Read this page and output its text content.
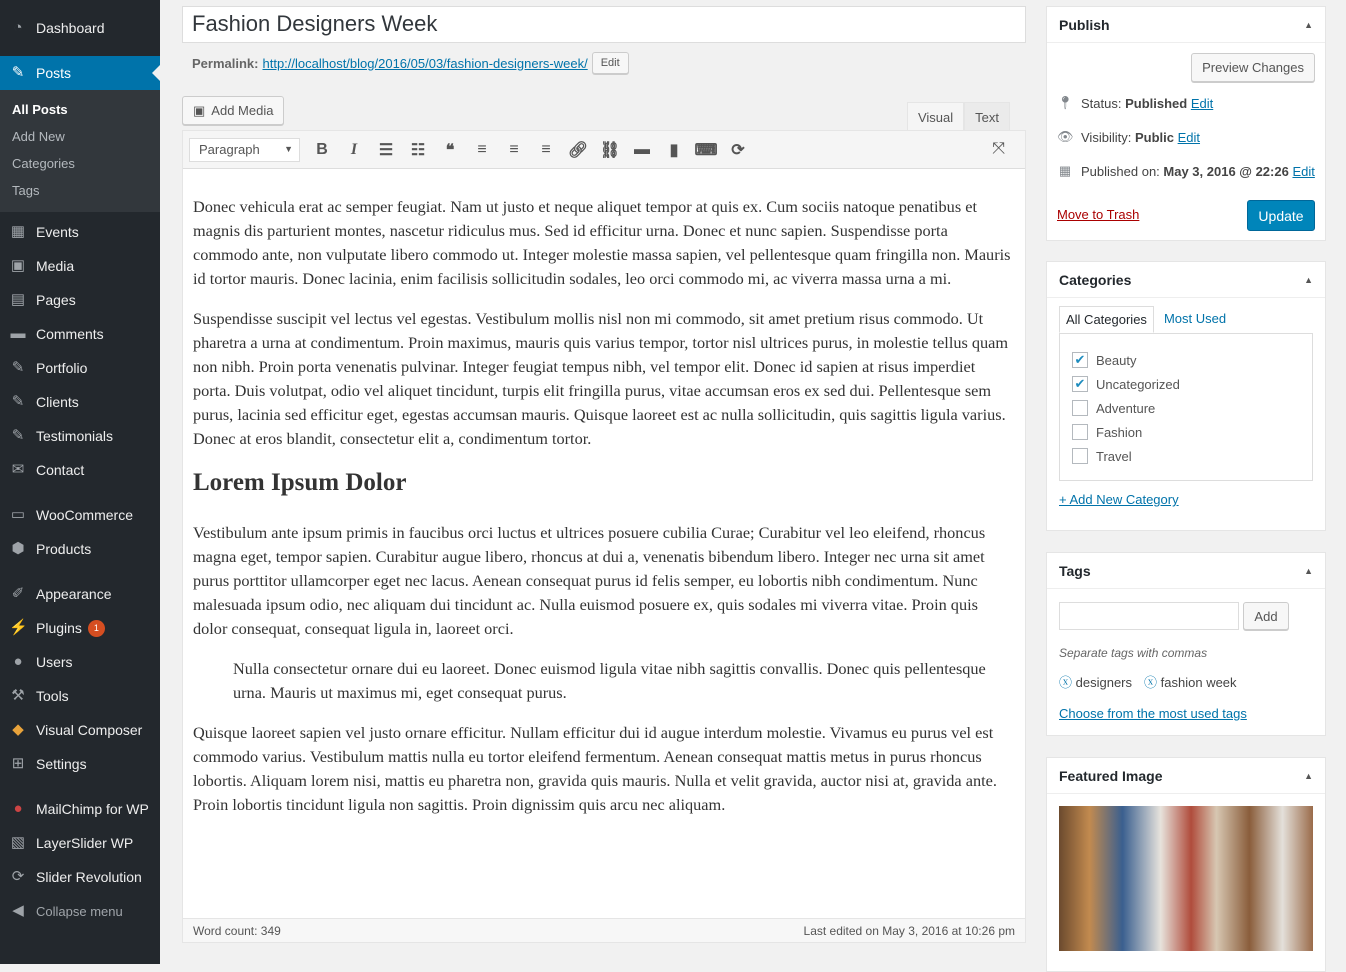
◔ Dashboard
✎ Posts
All Posts
Add New
Categories
Tags
▦ Events
▣ Media
▤ Pages
▬ Comments
✎ Portfolio
✎ Clients
✎ Testimonials
✉ Contact
▭ WooCommerce
⬢ Products
✐ Appearance
⚡ Plugins	1
● Users
⚒ Tools
◆ Visual Composer
⊞ Settings
● MailChimp for WP
▧ LayerSlider WP
⟳ Slider Revolution
◀ Collapse menu
Fashion Designers Week
Permalink: http://localhost/blog/2016/05/03/fashion-designers-week/	Edit
▣ Add Media	Visual	Text
Paragraph ▼	B	I	☰	☷	❝	≡	≡	≡	🔗︎ ⛓ ▬	▮	⌨ ⟳	⤧

Donec vehicula erat ac semper feugiat. Nam ut justo et neque aliquet tempor at quis ex. Cum sociis natoque penatibus et magnis dis parturient montes, nascetur ridiculus mus. Sed id efficitur urna. Donec et nunc sapien. Suspendisse porta commodo ante, non vulputate libero commodo ut. Integer molestie massa sapien, vel pellentesque quam fringilla non. Mauris id tortor mauris. Donec lacinia, enim facilisis sollicitudin sodales, leo orci commodo mi, ac viverra massa urna a mi.

Suspendisse suscipit vel lectus vel egestas. Vestibulum mollis nisl non mi commodo, sit amet pretium risus commodo. Ut pharetra a urna at condimentum. Proin maximus, mauris quis varius tempor, tortor nisl ultrices purus, in molestie tellus quam non nibh. Proin porta venenatis pulvinar. Integer feugiat tempus nibh, vel tempor elit. Donec id sapien at risus imperdiet porta. Duis volutpat, odio vel aliquet tincidunt, turpis elit fringilla purus, vitae accumsan eros ex sed dui. Pellentesque sem purus, lacinia sed efficitur eget, egestas accumsan mauris. Quisque laoreet est ac nulla sollicitudin, quis sagittis ligula varius. Donec at eros blandit, consectetur elit a, condimentum tortor.

Lorem Ipsum Dolor

Vestibulum ante ipsum primis in faucibus orci luctus et ultrices posuere cubilia Curae; Curabitur vel leo eleifend, rhoncus magna eget, tempor sapien. Curabitur augue libero, rhoncus at dui a, venenatis bibendum libero. Integer nec urna sit amet purus porttitor ullamcorper eget nec lacus. Aenean consequat purus id felis semper, eu lobortis nibh condimentum. Nunc malesuada ipsum odio, nec aliquam dui tincidunt ac. Nulla euismod posuere ex, quis sodales mi viverra vitae. Proin quis dolor consequat, consequat ligula in, laoreet orci.

Nulla consectetur ornare dui eu laoreet. Donec euismod ligula vitae nibh sagittis convallis. Donec quis pellentesque urna. Mauris ut maximus mi, eget consequat purus.

Quisque laoreet sapien vel justo ornare efficitur. Nullam efficitur dui id augue interdum molestie. Vivamus eu purus vel est commodo varius. Vestibulum mattis nulla eu tortor eleifend fermentum. Aenean consequat mattis metus in purus rhoncus lobortis. Aliquam lorem nisi, mattis eu pharetra non, gravida quis mauris. Nulla et velit gravida, auctor nisi at, gravida ante. Proin lobortis tincidunt ligula non sagittis. Proin dignissim quis arcu nec aliquam.

Word count: 349	Last edited on May 3, 2016 at 10:26 pm
Publish	▲
Preview Changes
📍︎ Status:
Published
Edit
👁︎ Visibility:
Public
Edit
▦ Published on:
May 3, 2016 @ 22:26
Edit
Move to Trash	Update
Categories	▲
All Categories	Most Used
✔ Beauty
✔ Uncategorized
Adventure
Fashion
Travel
+ Add New Category
Tags	▲
Add
Separate tags with commas
ⓧ designers ⓧ fashion week
Choose from the most used tags
Featured Image	▲
